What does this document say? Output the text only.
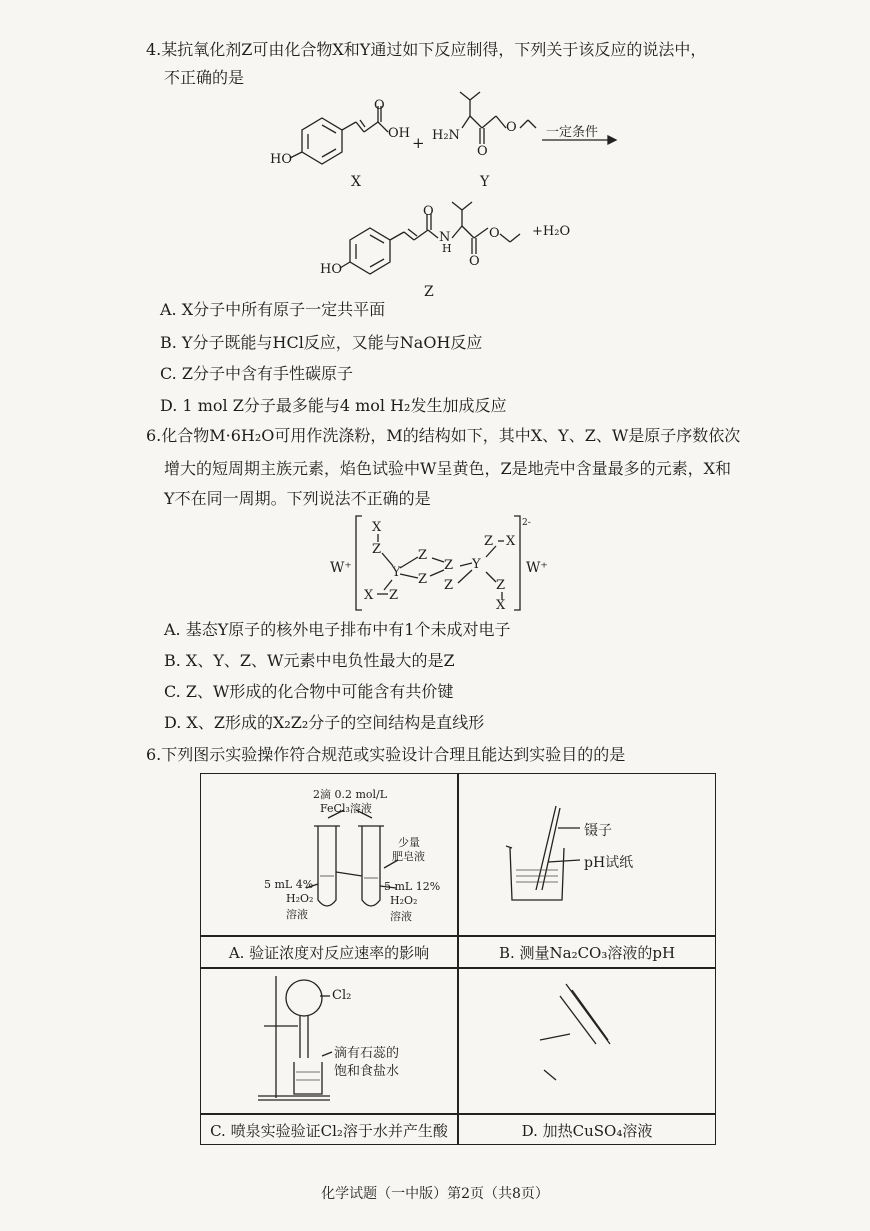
4.某抗氧化剂Z可由化合物X和Y通过如下反应制得，下列关于该反应的说法中，
不正确的是
O
OH
HO
+ H₂N
O
O 一定条件
X	Y
O
N
H
O
O +H₂O
HO
Z
A. X分子中所有原子一定共平面
B. Y分子既能与HCl反应，又能与NaOH反应
C. Z分子中含有手性碳原子
D. 1 mol Z分子最多能与4 mol H₂发生加成反应
6.化合物M·6H₂O可用作洗涤粉，M的结构如下，其中X、Y、Z、W是原子序数依次
增大的短周期主族元素，焰色试验中W呈黄色，Z是地壳中含量最多的元素，X和
Y不在同一周期。下列说法不正确的是
W⁺	W⁺
2-
X
Z
Y
Z
Z
Z
Z
Y
Z X
Z
X
X Z
A. 基态Y原子的核外电子排布中有1个未成对电子
B. X、Y、Z、W元素中电负性最大的是Z
C. Z、W形成的化合物中可能含有共价键
D. X、Z形成的X₂Z₂分子的空间结构是直线形
6.下列图示实验操作符合规范或实验设计合理且能达到实验目的的是
2滴 0.2 mol/L
FeCl₃溶液
少量
肥皂液
5 mL 4%
H₂O₂
溶液
5 mL 12%
H₂O₂
溶液
A. 验证浓度对反应速率的影响
镊子
pH试纸
B. 测量Na₂CO₃溶液的pH
Cl₂
滴有石蕊的
饱和食盐水
C. 喷泉实验验证Cl₂溶于水并产生酸	D. 加热CuSO₄溶液
化学试题（一中版）第2页（共8页）
